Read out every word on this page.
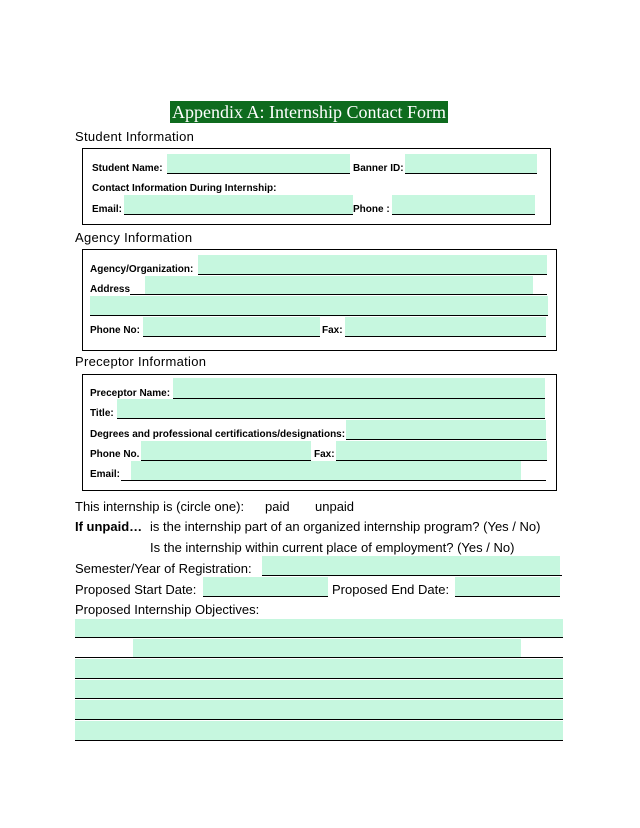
Appendix A: Internship Contact Form
Student Information
Student Name:	Banner ID:
Contact Information During Internship:
Email:	Phone :
Agency Information
Agency/Organization:
Address
Phone No:	Fax:
Preceptor Information
Preceptor Name:
Title:
Degrees and professional certifications/designations:
Phone No.	Fax:
Email:
This internship is (circle one): paid unpaid
If unpaid… is the internship part of an organized internship program? (Yes / No)
Is the internship within current place of employment? (Yes / No)
Semester/Year of Registration:
Proposed Start Date:	Proposed End Date:
Proposed Internship Objectives:
